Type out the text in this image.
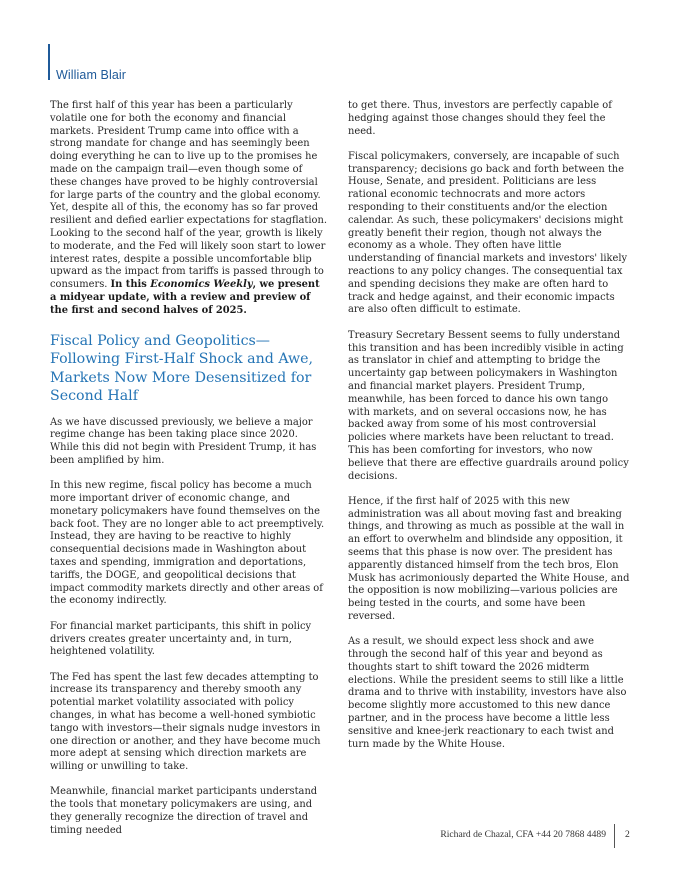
William Blair

The first half of this year has been a particularly volatile one for both the economy and financial markets. President Trump came into office with a strong mandate for change and has seemingly been doing everything he can to live up to the promises he made on the campaign trail—even though some of these changes have proved to be highly controversial for large parts of the country and the global economy. Yet, despite all of this, the economy has so far proved resilient and defied earlier expectations for stagflation. Looking to the second half of the year, growth is likely to moderate, and the Fed will likely soon start to lower interest rates, despite a possible uncomfortable blip upward as the impact from tariffs is passed through to consumers. In this Economics Weekly, we present a midyear update, with a review and preview of the first and second halves of 2025.

Fiscal Policy and Geopolitics—Following First-Half Shock and Awe, Markets Now More Desensitized for Second Half

As we have discussed previously, we believe a major regime change has been taking place since 2020. While this did not begin with President Trump, it has been amplified by him.

In this new regime, fiscal policy has become a much more important driver of economic change, and monetary policymakers have found themselves on the back foot. They are no longer able to act preemptively. Instead, they are having to be reactive to highly consequential decisions made in Washington about taxes and spending, immigration and deportations, tariffs, the DOGE, and geopolitical decisions that impact commodity markets directly and other areas of the economy indirectly.

For financial market participants, this shift in policy drivers creates greater uncertainty and, in turn, heightened volatility.

The Fed has spent the last few decades attempting to increase its transparency and thereby smooth any potential market volatility associated with policy changes, in what has become a well-honed symbiotic tango with investors—their signals nudge investors in one direction or another, and they have become much more adept at sensing which direction markets are willing or unwilling to take.

Meanwhile, financial market participants understand the tools that monetary policymakers are using, and they generally recognize the direction of travel and timing needed

to get there. Thus, investors are perfectly capable of hedging against those changes should they feel the need.

Fiscal policymakers, conversely, are incapable of such transparency; decisions go back and forth between the House, Senate, and president. Politicians are less rational economic technocrats and more actors responding to their constituents and/or the election calendar. As such, these policymakers' decisions might greatly benefit their region, though not always the economy as a whole. They often have little understanding of financial markets and investors' likely reactions to any policy changes. The consequential tax and spending decisions they make are often hard to track and hedge against, and their economic impacts are also often difficult to estimate.

Treasury Secretary Bessent seems to fully understand this transition and has been incredibly visible in acting as translator in chief and attempting to bridge the uncertainty gap between policymakers in Washington and financial market players. President Trump, meanwhile, has been forced to dance his own tango with markets, and on several occasions now, he has backed away from some of his most controversial policies where markets have been reluctant to tread. This has been comforting for investors, who now believe that there are effective guardrails around policy decisions.

Hence, if the first half of 2025 with this new administration was all about moving fast and breaking things, and throwing as much as possible at the wall in an effort to overwhelm and blindside any opposition, it seems that this phase is now over. The president has apparently distanced himself from the tech bros, Elon Musk has acrimoniously departed the White House, and the opposition is now mobilizing—various policies are being tested in the courts, and some have been reversed.

As a result, we should expect less shock and awe through the second half of this year and beyond as thoughts start to shift toward the 2026 midterm elections. While the president seems to still like a little drama and to thrive with instability, investors have also become slightly more accustomed to this new dance partner, and in the process have become a little less sensitive and knee-jerk reactionary to each twist and turn made by the White House.

Richard de Chazal, CFA +44 20 7868 4489 2
